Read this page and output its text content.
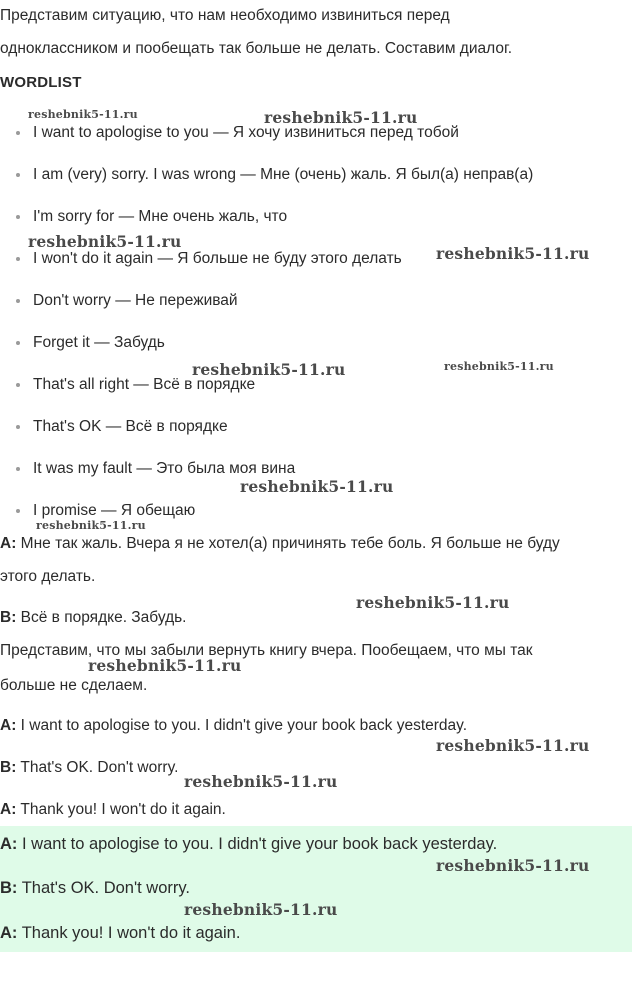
Представим ситуацию, что нам необходимо извиниться перед
одноклассником и пообещать так больше не делать. Составим диалог.
WORDLIST
I want to apologise to you — Я хочу извиниться перед тобой
I am (very) sorry. I was wrong — Мне (очень) жаль. Я был(а) неправ(а)
I'm sorry for — Мне очень жаль, что
I won't do it again — Я больше не буду этого делать
Don't worry — Не переживай
Forget it — Забудь
That's all right — Всё в порядке
That's OK — Всё в порядке
It was my fault — Это была моя вина
I promise — Я обещаю
A: Мне так жаль. Вчера я не хотел(а) причинять тебе боль. Я больше не буду
этого делать.
B: Всё в порядке. Забудь.
Представим, что мы забыли вернуть книгу вчера. Пообещаем, что мы так
больше не сделаем.
A: I want to apologise to you. I didn't give your book back yesterday.
B: That's OK. Don't worry.
A: Thank you! I won't do it again.
A: I want to apologise to you. I didn't give your book back yesterday.
B: That's OK. Don't worry.
A: Thank you! I won't do it again.
reshebnik5-11.ru	reshebnik5-11.ru
reshebnik5-11.ru
reshebnik5-11.ru
reshebnik5-11.ru	reshebnik5-11.ru
reshebnik5-11.ru
reshebnik5-11.ru
reshebnik5-11.ru
reshebnik5-11.ru
reshebnik5-11.ru
reshebnik5-11.ru
reshebnik5-11.ru
reshebnik5-11.ru
